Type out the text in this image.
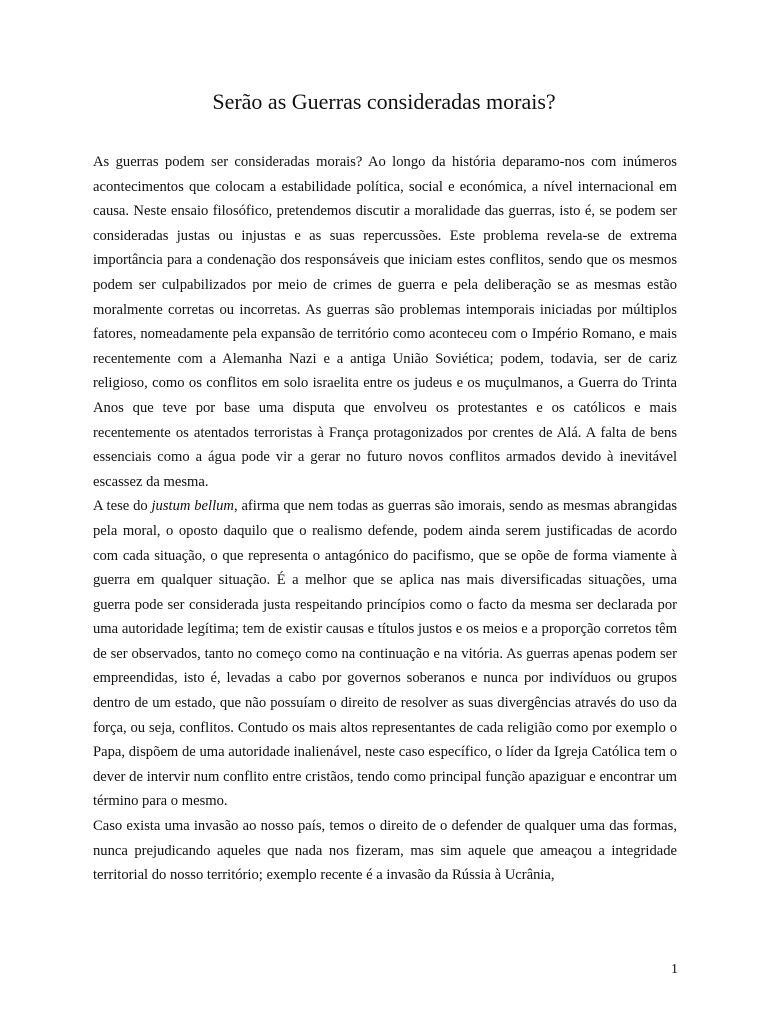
Serão as Guerras consideradas morais?

As guerras podem ser consideradas morais? Ao longo da história deparamo-nos com inúmeros acontecimentos que colocam a estabilidade política, social e económica, a nível internacional em causa. Neste ensaio filosófico, pretendemos discutir a moralidade das guerras, isto é, se podem ser consideradas justas ou injustas e as suas repercussões. Este problema revela-se de extrema importância para a condenação dos responsáveis que iniciam estes conflitos, sendo que os mesmos podem ser culpabilizados por meio de crimes de guerra e pela deliberação se as mesmas estão moralmente corretas ou incorretas. As guerras são problemas intemporais iniciadas por múltiplos fatores, nomeadamente pela expansão de território como aconteceu com o Império Romano, e mais recentemente com a Alemanha Nazi e a antiga União Soviética; podem, todavia, ser de cariz religioso, como os conflitos em solo israelita entre os judeus e os muçulmanos, a Guerra do Trinta Anos que teve por base uma disputa que envolveu os protestantes e os católicos e mais recentemente os atentados terroristas à França protagonizados por crentes de Alá. A falta de bens essenciais como a água pode vir a gerar no futuro novos conflitos armados devido à inevitável escassez da mesma.

A tese do justum bellum, afirma que nem todas as guerras são imorais, sendo as mesmas abrangidas pela moral, o oposto daquilo que o realismo defende, podem ainda serem justificadas de acordo com cada situação, o que representa o antagónico do pacifismo, que se opõe de forma viamente à guerra em qualquer situação. É a melhor que se aplica nas mais diversificadas situações, uma guerra pode ser considerada justa respeitando princípios como o facto da mesma ser declarada por uma autoridade legítima; tem de existir causas e títulos justos e os meios e a proporção corretos têm de ser observados, tanto no começo como na continuação e na vitória. As guerras apenas podem ser empreendidas, isto é, levadas a cabo por governos soberanos e nunca por indivíduos ou grupos dentro de um estado, que não possuíam o direito de resolver as suas divergências através do uso da força, ou seja, conflitos. Contudo os mais altos representantes de cada religião como por exemplo o Papa, dispõem de uma autoridade inalienável, neste caso específico, o líder da Igreja Católica tem o dever de intervir num conflito entre cristãos, tendo como principal função apaziguar e encontrar um término para o mesmo.

Caso exista uma invasão ao nosso país, temos o direito de o defender de qualquer uma das formas, nunca prejudicando aqueles que nada nos fizeram, mas sim aquele que ameaçou a integridade territorial do nosso território; exemplo recente é a invasão da Rússia à Ucrânia,

1
